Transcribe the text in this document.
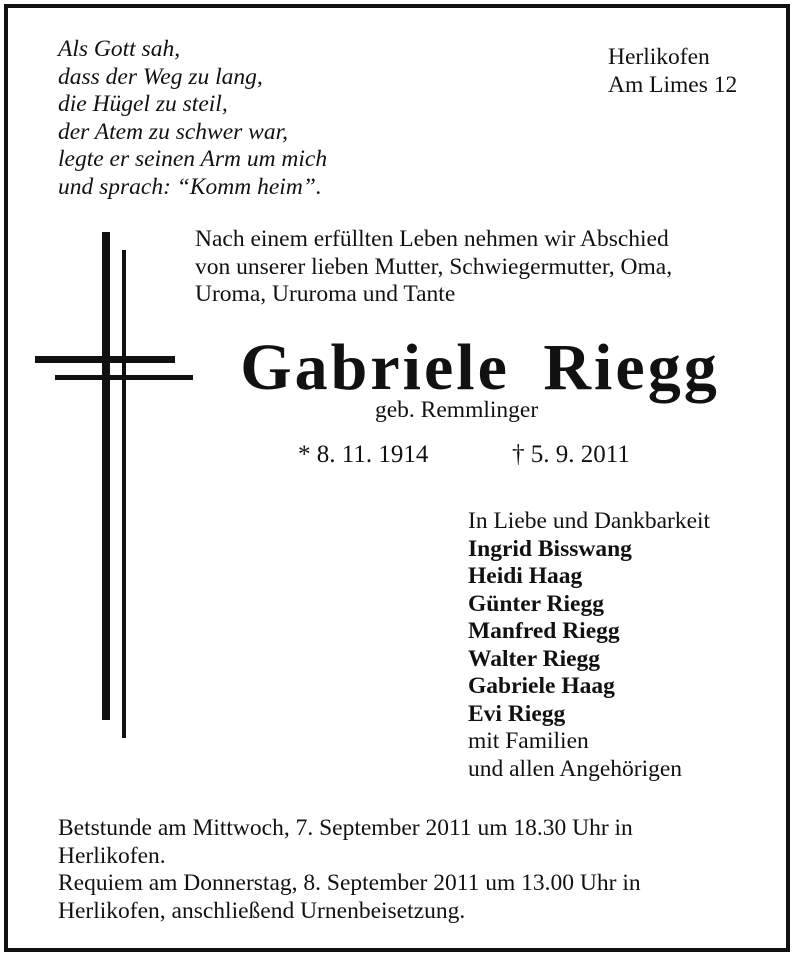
Als Gott sah,
dass der Weg zu lang,
die Hügel zu steil,
der Atem zu schwer war,
legte er seinen Arm um mich
und sprach: “Komm heim”.
Herlikofen
Am Limes 12
Nach einem erfüllten Leben nehmen wir Abschied
von unserer lieben Mutter, Schwiegermutter, Oma,
Uroma, Ururoma und Tante
Gabriele Riegg
geb. Remmlinger
* 8. 11. 1914	† 5. 9. 2011
In Liebe und Dankbarkeit
Ingrid Bisswang
Heidi Haag
Günter Riegg
Manfred Riegg
Walter Riegg
Gabriele Haag
Evi Riegg
mit Familien
und allen Angehörigen
Betstunde am Mittwoch, 7. September 2011 um 18.30 Uhr in
Herlikofen.
Requiem am Donnerstag, 8. September 2011 um 13.00 Uhr in
Herlikofen, anschließend Urnenbeisetzung.
